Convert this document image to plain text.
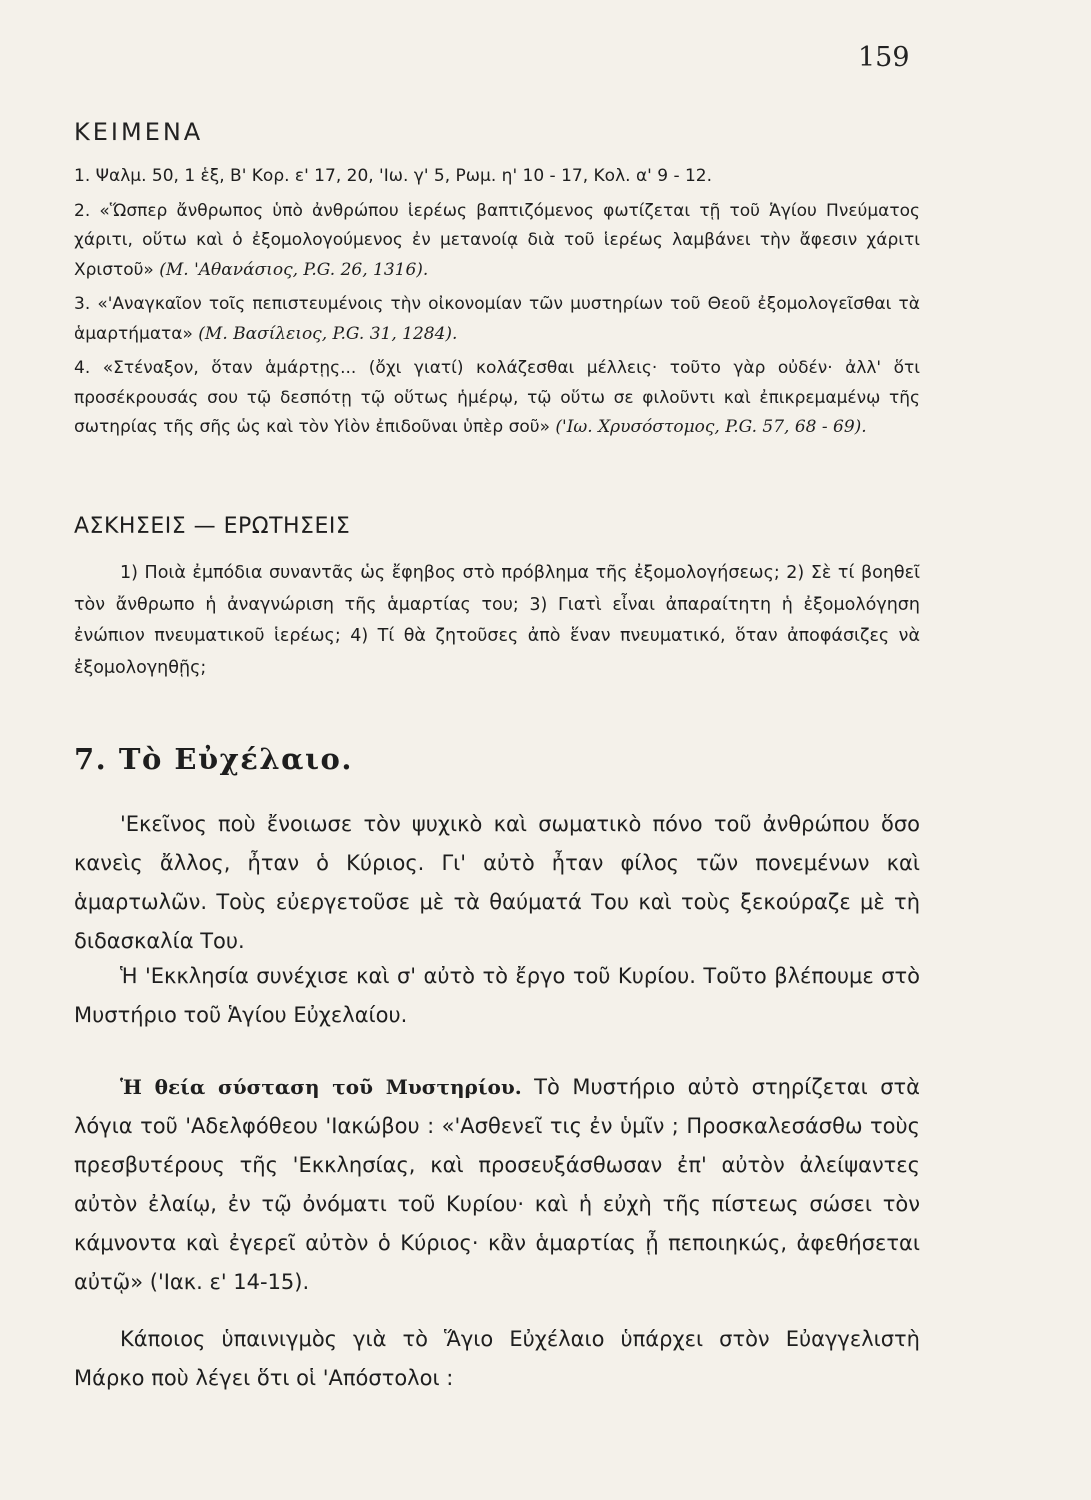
159
ΚΕΙΜΕΝΑ

1. Ψαλμ. 50, 1 ἑξ, Β' Κορ. ε' 17, 20, 'Ιω. γ' 5, Ρωμ. η' 10 - 17, Κολ. α' 9 - 12.

2. «Ὥσπερ ἄνθρωπος ὑπὸ ἀνθρώπου ἱερέως βαπτιζόμενος φωτίζεται τῇ τοῦ Ἁγίου Πνεύματος χάριτι, οὕτω καὶ ὁ ἐξομολογούμενος ἐν μετανοίᾳ διὰ τοῦ ἱερέως λαμβάνει τὴν ἄφεσιν χάριτι Χριστοῦ» (Μ. 'Αθανάσιος, P.G. 26, 1316).

3. «'Αναγκαῖον τοῖς πεπιστευμένοις τὴν οἰκονομίαν τῶν μυστηρίων τοῦ Θεοῦ ἐξομολογεῖσθαι τὰ ἁμαρτήματα» (Μ. Βασίλειος, P.G. 31, 1284).

4. «Στέναξον, ὅταν ἁμάρτῃς... (ὄχι γιατί) κολάζεσθαι μέλλεις· τοῦτο γὰρ οὐδέν· ἀλλ' ὅτι προσέκρουσάς σου τῷ δεσπότῃ τῷ οὕτως ἡμέρῳ, τῷ οὕτω σε φιλοῦντι καὶ ἐπικρεμαμένῳ τῆς σωτηρίας τῆς σῆς ὡς καὶ τὸν Υἱὸν ἐπιδοῦναι ὑπὲρ σοῦ» ('Ιω. Χρυσόστομος, P.G. 57, 68 - 69).

ΑΣΚΗΣΕΙΣ — ΕΡΩΤΗΣΕΙΣ

1) Ποιὰ ἐμπόδια συναντᾶς ὡς ἔφηβος στὸ πρόβλημα τῆς ἐξομολογήσεως; 2) Σὲ τί βοηθεῖ τὸν ἄνθρωπο ἡ ἀναγνώριση τῆς ἁμαρτίας του; 3) Γιατὶ εἶναι ἀπαραίτητη ἡ ἐξομολόγηση ἐνώπιον πνευματικοῦ ἱερέως; 4) Τί θὰ ζητοῦσες ἀπὸ ἕναν πνευματικό, ὅταν ἀποφάσιζες νὰ ἐξομολογηθῇς;

7. Τὸ Εὐχέλαιο.

'Εκεῖνος ποὺ ἔνοιωσε τὸν ψυχικὸ καὶ σωματικὸ πόνο τοῦ ἀνθρώπου ὅσο κανεὶς ἄλλος, ἦταν ὁ Κύριος. Γι' αὐτὸ ἦταν φίλος τῶν πονεμένων καὶ ἁμαρτωλῶν. Τοὺς εὐεργετοῦσε μὲ τὰ θαύματά Του καὶ τοὺς ξεκούραζε μὲ τὴ διδασκαλία Του.

Ἡ 'Εκκλησία συνέχισε καὶ σ' αὐτὸ τὸ ἔργο τοῦ Κυρίου. Τοῦτο βλέπουμε στὸ Μυστήριο τοῦ Ἁγίου Εὐχελαίου.

Ἡ θεία σύσταση τοῦ Μυστηρίου. Τὸ Μυστήριο αὐτὸ στηρίζεται στὰ λόγια τοῦ 'Αδελφόθεου 'Ιακώβου : «'Ασθενεῖ τις ἐν ὑμῖν ; Προσκαλεσάσθω τοὺς πρεσβυτέρους τῆς 'Εκκλησίας, καὶ προσευξάσθωσαν ἐπ' αὐτὸν ἀλείψαντες αὐτὸν ἐλαίῳ, ἐν τῷ ὀνόματι τοῦ Κυρίου· καὶ ἡ εὐχὴ τῆς πίστεως σώσει τὸν κάμνοντα καὶ ἐγερεῖ αὐτὸν ὁ Κύριος· κἂν ἁμαρτίας ᾖ πεποιηκώς, ἀφεθήσεται αὐτῷ» ('Ιακ. ε' 14-15).

Κάποιος ὑπαινιγμὸς γιὰ τὸ Ἅγιο Εὐχέλαιο ὑπάρχει στὸν Εὐαγγελιστὴ Μάρκο ποὺ λέγει ὅτι οἱ 'Απόστολοι :
